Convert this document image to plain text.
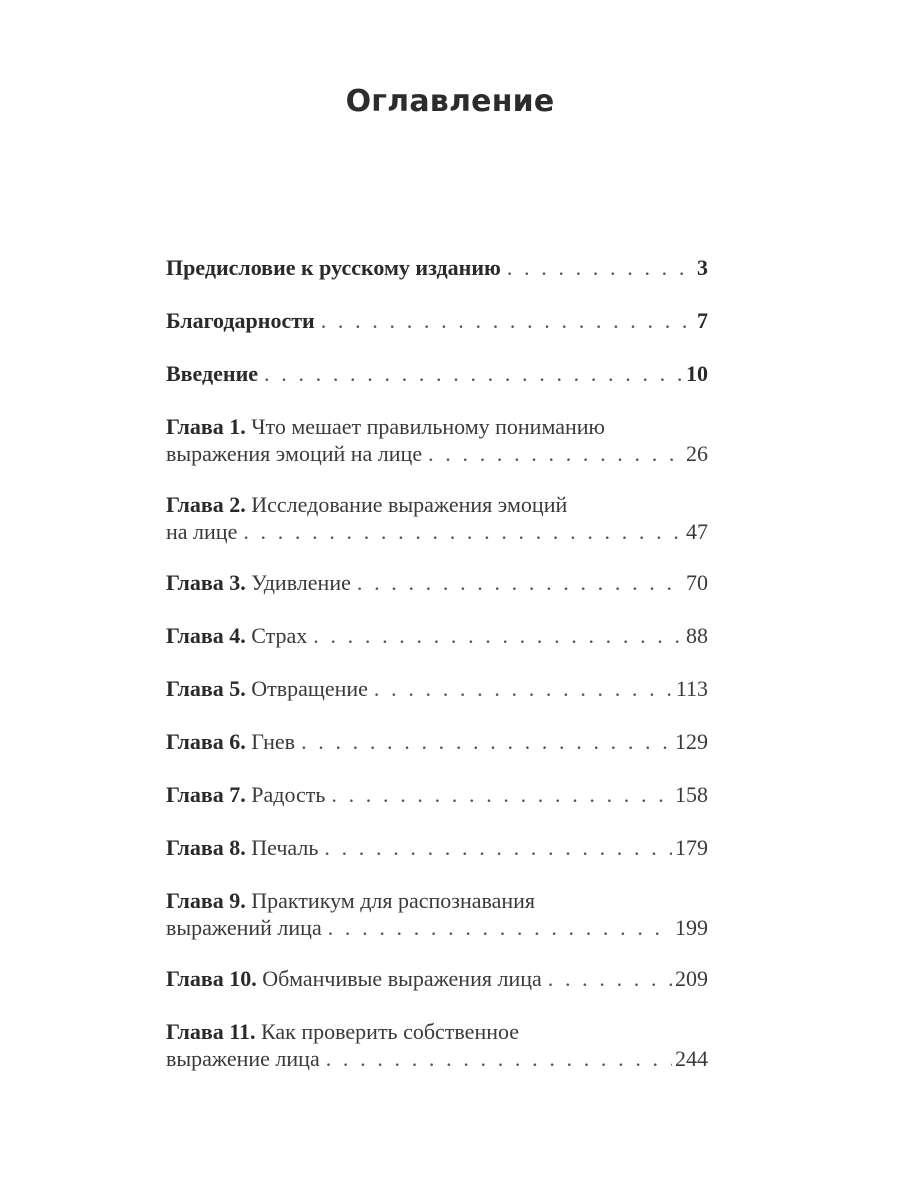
Оглавление
Предисловие к русскому изданию . . .	3
Благодарности . . .	7
Введение . . .	10
Глава 1. Что мешает правильному пониманию
выражения эмоций на лице . . .	26
Глава 2. Исследование выражения эмоций
на лице . . .	47
Глава 3. Удивление . . .	70
Глава 4. Страх . . .	88
Глава 5. Отвращение . . .	113
Глава 6. Гнев . . .	129
Глава 7. Радость . . .	158
Глава 8. Печаль . . .	179
Глава 9. Практикум для распознавания
выражений лица . . .	199
Глава 10. Обманчивые выражения лица . . .	209
Глава 11. Как проверить собственное
выражение лица . . .	244
